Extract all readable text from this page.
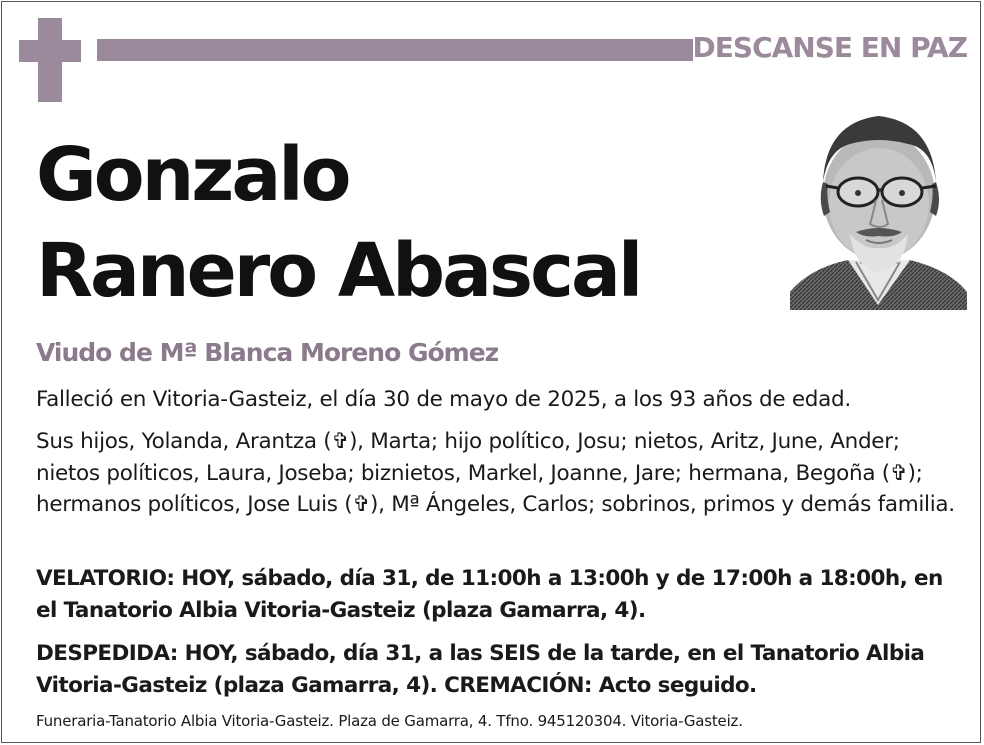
DESCANSE EN PAZ
Gonzalo
Ranero Abascal
Viudo de Mª Blanca Moreno Gómez
Falleció en Vitoria-Gasteiz, el día 30 de mayo de 2025, a los 93 años de edad.
Sus hijos, Yolanda, Arantza (✞), Marta; hijo político, Josu; nietos, Aritz, June, Ander; nietos políticos, Laura, Joseba; biznietos, Markel, Joanne, Jare; hermana, Begoña (✞); hermanos políticos, Jose Luis (✞), Mª Ángeles, Carlos; sobrinos, primos y demás familia.
VELATORIO: HOY, sábado, día 31, de 11:00h a 13:00h y de 17:00h a 18:00h, en el Tanatorio Albia Vitoria-Gasteiz (plaza Gamarra, 4).
DESPEDIDA: HOY, sábado, día 31, a las SEIS de la tarde, en el Tanatorio Albia Vitoria-Gasteiz (plaza Gamarra, 4). CREMACIÓN: Acto seguido.
Funeraria-Tanatorio Albia Vitoria-Gasteiz. Plaza de Gamarra, 4. Tfno. 945120304. Vitoria-Gasteiz.
